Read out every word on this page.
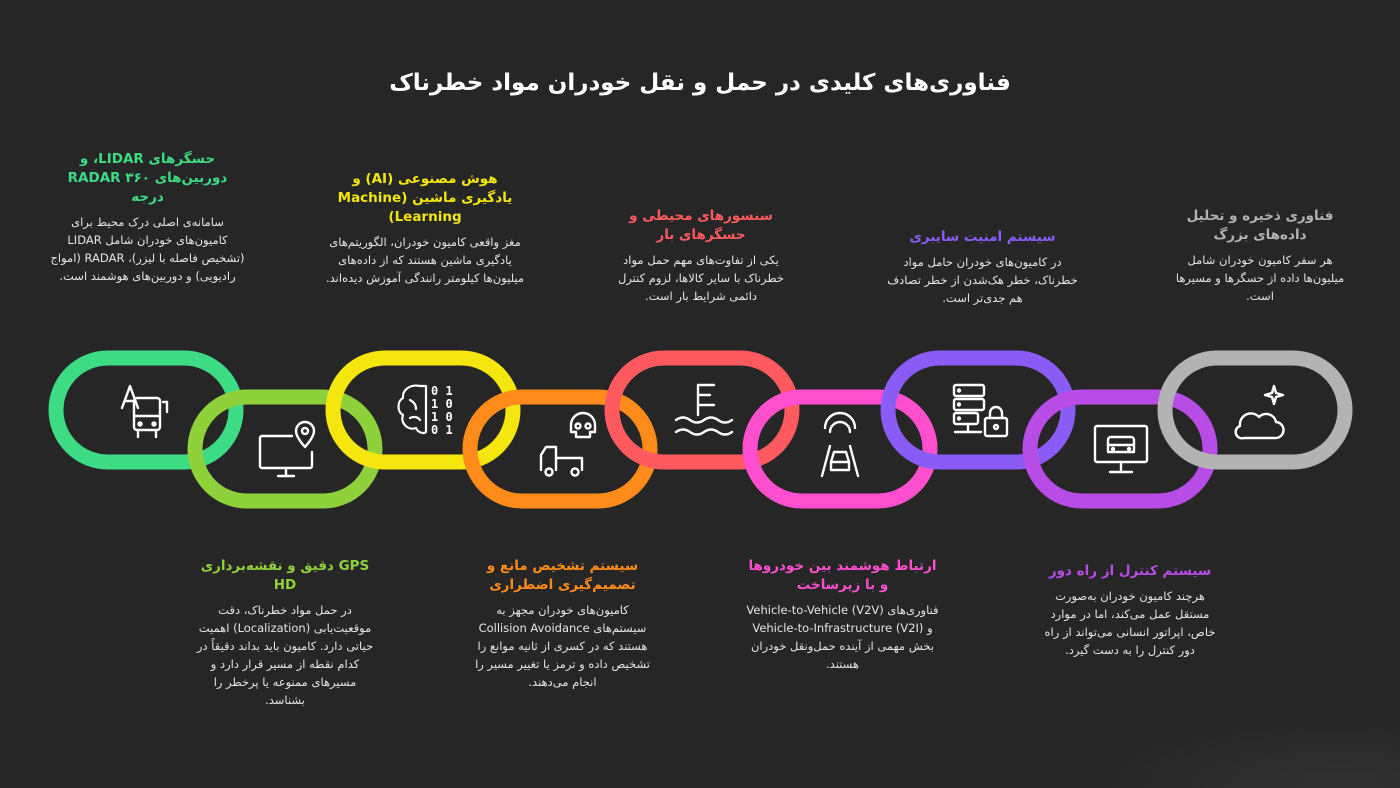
فناوری‌های کلیدی در حمل و نقل خودران مواد خطرناک
حسگرهای LIDAR، و دوربین‌های ۳۶۰ RADAR درجه
سامانه‌ی اصلی درک محیط برای کامیون‌های خودران شامل LIDAR (تشخیص فاصله با لیزر)، RADAR (امواج رادیویی) و دوربین‌های هوشمند است.
هوش مصنوعی (AI) و یادگیری ماشین (Machine Learning)
مغز واقعی کامیون خودران، الگوریتم‌های یادگیری ماشین هستند که از داده‌های میلیون‌ها کیلومتر رانندگی آموزش دیده‌اند.
سنسورهای محیطی و حسگرهای بار
یکی از تفاوت‌های مهم حمل مواد خطرناک با سایر کالاها، لزوم کنترل دائمی شرایط بار است.
سیستم امنیت سایبری
در کامیون‌های خودران حامل مواد خطرناک، خطر هک‌شدن از خطر تصادف هم جدی‌تر است.
فناوری ذخیره و تحلیل داده‌های بزرگ
هر سفر کامیون خودران شامل میلیون‌ها داده از حسگرها و مسیرها است.
GPS دقیق و نقشه‌برداری HD
در حمل مواد خطرناک، دقت موقعیت‌یابی (Localization) اهمیت حیاتی دارد. کامیون باید بداند دقیقاً در کدام نقطه از مسیر قرار دارد و مسیرهای ممنوعه یا پرخطر را بشناسد.
سیستم تشخیص مانع و تصمیم‌گیری اضطراری
کامیون‌های خودران مجهز به سیستم‌های Collision Avoidance هستند که در کسری از ثانیه موانع را تشخیص داده و ترمز یا تغییر مسیر را انجام می‌دهند.
ارتباط هوشمند بین خودروها و با زیرساخت
فناوری‌های Vehicle-to-Vehicle (V2V) و Vehicle-to-Infrastructure (V2I) بخش مهمی از آینده حمل‌ونقل خودران هستند.
سیستم کنترل از راه دور
هرچند کامیون خودران به‌صورت مستقل عمل می‌کند، اما در موارد خاص، اپراتور انسانی می‌تواند از راه دور کنترل را به دست گیرد.
0 1
1 0
1 0
0 1
